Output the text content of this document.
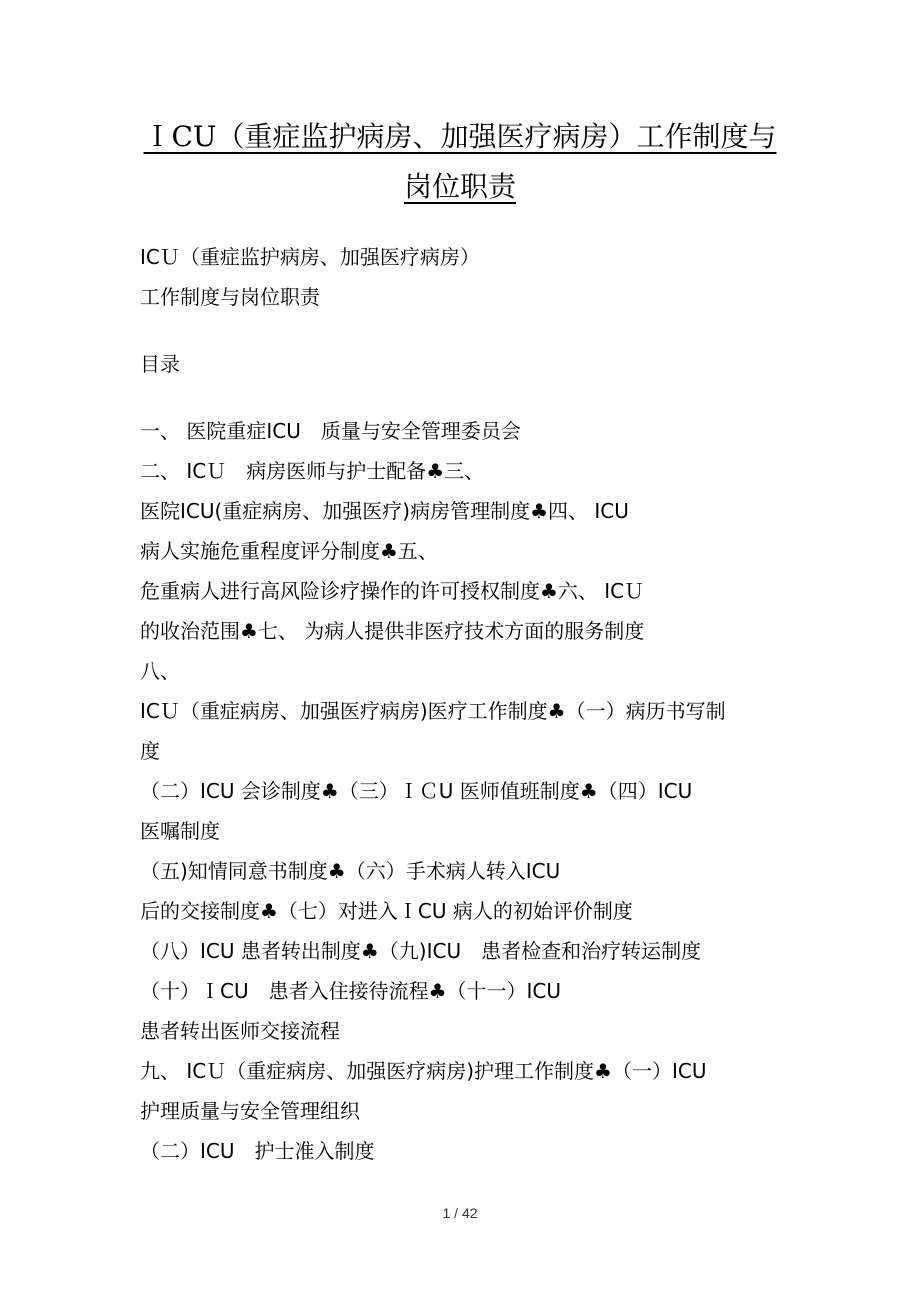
ＩCU（重症监护病房、加强医疗病房）工作制度与
岗位职责
ICＵ（重症监护病房、加强医疗病房）
工作制度与岗位职责
目录
一、 医院重症ICU　质量与安全管理委员会
二、 ICＵ　病房医师与护士配备♣三、
医院ICU(重症病房、加强医疗)病房管理制度♣四、 ICU
病人实施危重程度评分制度♣五、
危重病人进行高风险诊疗操作的许可授权制度♣六、 ICＵ
的收治范围♣七、 为病人提供非医疗技术方面的服务制度
八、
ICＵ（重症病房、加强医疗病房)医疗工作制度♣（一）病历书写制
度
（二）ICU 会诊制度♣（三）ＩＣU 医师值班制度♣（四）ICU
医嘱制度
（五)知情同意书制度♣（六）手术病人转入ICU
后的交接制度♣（七）对进入ＩCU 病人的初始评价制度
（八）ICU 患者转出制度♣（九)ICU　患者检查和治疗转运制度
（十）ＩCU　患者入住接待流程♣（十一）ICU
患者转出医师交接流程
九、 ICＵ（重症病房、加强医疗病房)护理工作制度♣（一）ICU
护理质量与安全管理组织
（二）ICU　护士准入制度
1 / 42
